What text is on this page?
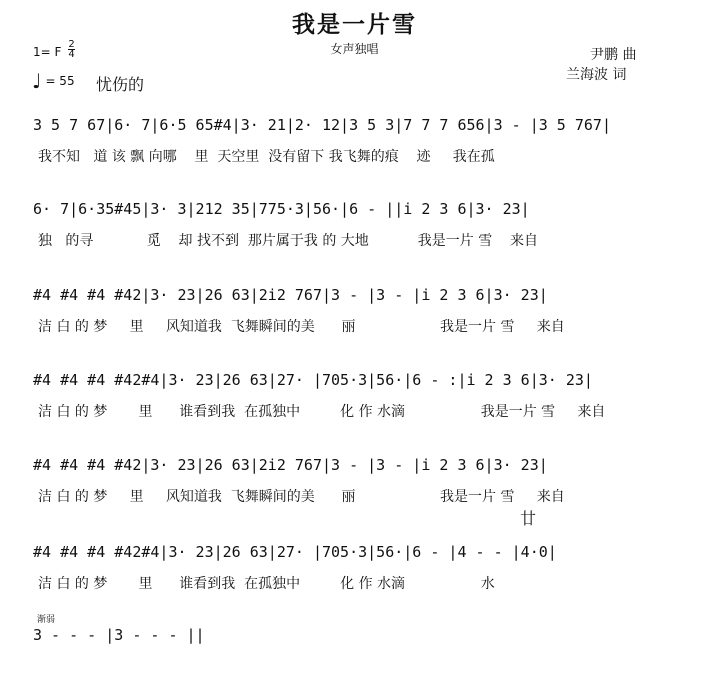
我是一片雪
女声独唱
1= F
2
4
♩ = 55 忧伤的
尹鹏 曲
兰海波 词
3 5 7 67|6· 7|6·5 65#4|3· 21|2· 12|3 5 3|7 7 7 656|3 - |3 5 767|
我不知   道 该 飘 向哪    里  天空里  没有留下 我飞舞的痕    迹     我在孤
6· 7|6·35#45|3· 3|212 35|775·3|56·|6 - ||i 2 3 6|3· 23|
独   的寻            觅    却 找不到  那片属于我 的 大地           我是一片 雪    来自
#4 #4 #4 #42|3· 23|26 63|2i2 767|3 - |3 - |i 2 3 6|3· 23|
洁 白 的 梦     里     风知道我  飞舞瞬间的美      丽                   我是一片 雪     来自
#4 #4 #4 #42#4|3· 23|26 63|27· |705·3|56·|6 - :|i 2 3 6|3· 23|
洁 白 的 梦       里      谁看到我  在孤独中         化 作 水滴                 我是一片 雪     来自
#4 #4 #4 #42|3· 23|26 63|2i2 767|3 - |3 - |i 2 3 6|3· 23|
洁 白 的 梦     里     风知道我  飞舞瞬间的美      丽                   我是一片 雪     来自
廿
#4 #4 #4 #42#4|3· 23|26 63|27· |705·3|56·|6 - |4 - - |4·0|
洁 白 的 梦       里      谁看到我  在孤独中         化 作 水滴                 水
渐弱
3 - - - |3 - - - ||
